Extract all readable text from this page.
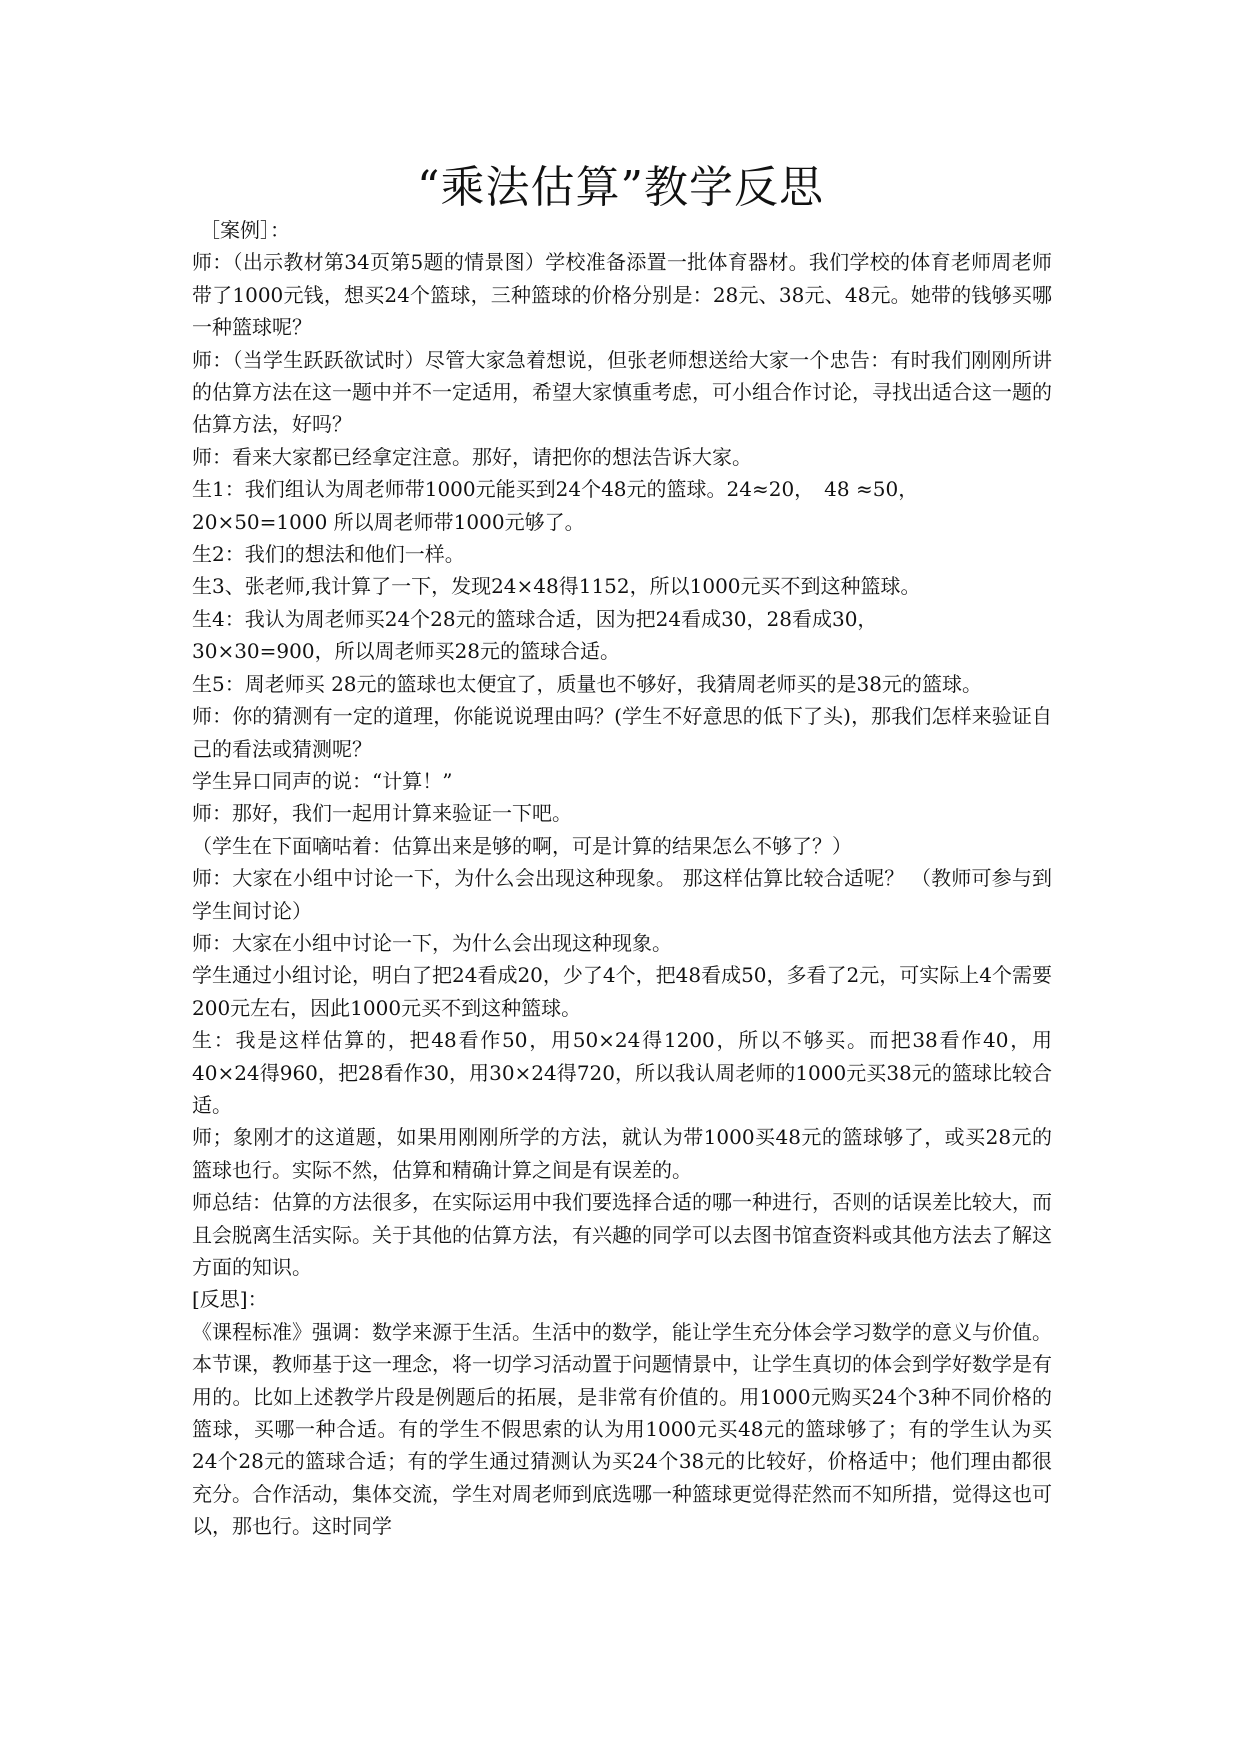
“乘法估算”教学反思

［案例］：

师：（出示教材第34页第5题的情景图）学校准备添置一批体育器材。我们学校的体育老师周老师带了1000元钱，想买24个篮球，三种篮球的价格分别是：28元、38元、48元。她带的钱够买哪一种篮球呢？

师：（当学生跃跃欲试时）尽管大家急着想说，但张老师想送给大家一个忠告：有时我们刚刚所讲的估算方法在这一题中并不一定适用，希望大家慎重考虑，可小组合作讨论，寻找出适合这一题的估算方法，好吗？

师：看来大家都已经拿定注意。那好，请把你的想法告诉大家。

生1：我们组认为周老师带1000元能买到24个48元的篮球。24≈20，　48 ≈50，

20×50=1000 所以周老师带1000元够了。

生2：我们的想法和他们一样。

生3、张老师,我计算了一下，发现24×48得1152，所以1000元买不到这种篮球。

生4：我认为周老师买24个28元的篮球合适，因为把24看成30，28看成30，

30×30=900，所以周老师买28元的篮球合适。

生5：周老师买 28元的篮球也太便宜了，质量也不够好，我猜周老师买的是38元的篮球。

师：你的猜测有一定的道理，你能说说理由吗？(学生不好意思的低下了头)，那我们怎样来验证自己的看法或猜测呢？

学生异口同声的说：“计算！”

师：那好，我们一起用计算来验证一下吧。

（学生在下面嘀咕着：估算出来是够的啊，可是计算的结果怎么不够了？）

师：大家在小组中讨论一下，为什么会出现这种现象。 那这样估算比较合适呢？ （教师可参与到学生间讨论）

师：大家在小组中讨论一下，为什么会出现这种现象。

学生通过小组讨论，明白了把24看成20，少了4个，把48看成50，多看了2元，可实际上4个需要200元左右，因此1000元买不到这种篮球。

生：我是这样估算的，把48看作50，用50×24得1200，所以不够买。而把38看作40，用40×24得960，把28看作30，用30×24得720，所以我认周老师的1000元买38元的篮球比较合适。

师；象刚才的这道题，如果用刚刚所学的方法，就认为带1000买48元的篮球够了，或买28元的篮球也行。实际不然，估算和精确计算之间是有误差的。

师总结：估算的方法很多，在实际运用中我们要选择合适的哪一种进行，否则的话误差比较大，而且会脱离生活实际。关于其他的估算方法，有兴趣的同学可以去图书馆查资料或其他方法去了解这方面的知识。

[反思]：

《课程标准》强调：数学来源于生活。生活中的数学，能让学生充分体会学习数学的意义与价值。本节课，教师基于这一理念，将一切学习活动置于问题情景中，让学生真切的体会到学好数学是有用的。比如上述教学片段是例题后的拓展，是非常有价值的。用1000元购买24个3种不同价格的篮球，买哪一种合适。有的学生不假思索的认为用1000元买48元的篮球够了；有的学生认为买24个28元的篮球合适；有的学生通过猜测认为买24个38元的比较好，价格适中；他们理由都很充分。合作活动，集体交流，学生对周老师到底选哪一种篮球更觉得茫然而不知所措，觉得这也可以，那也行。这时同学
